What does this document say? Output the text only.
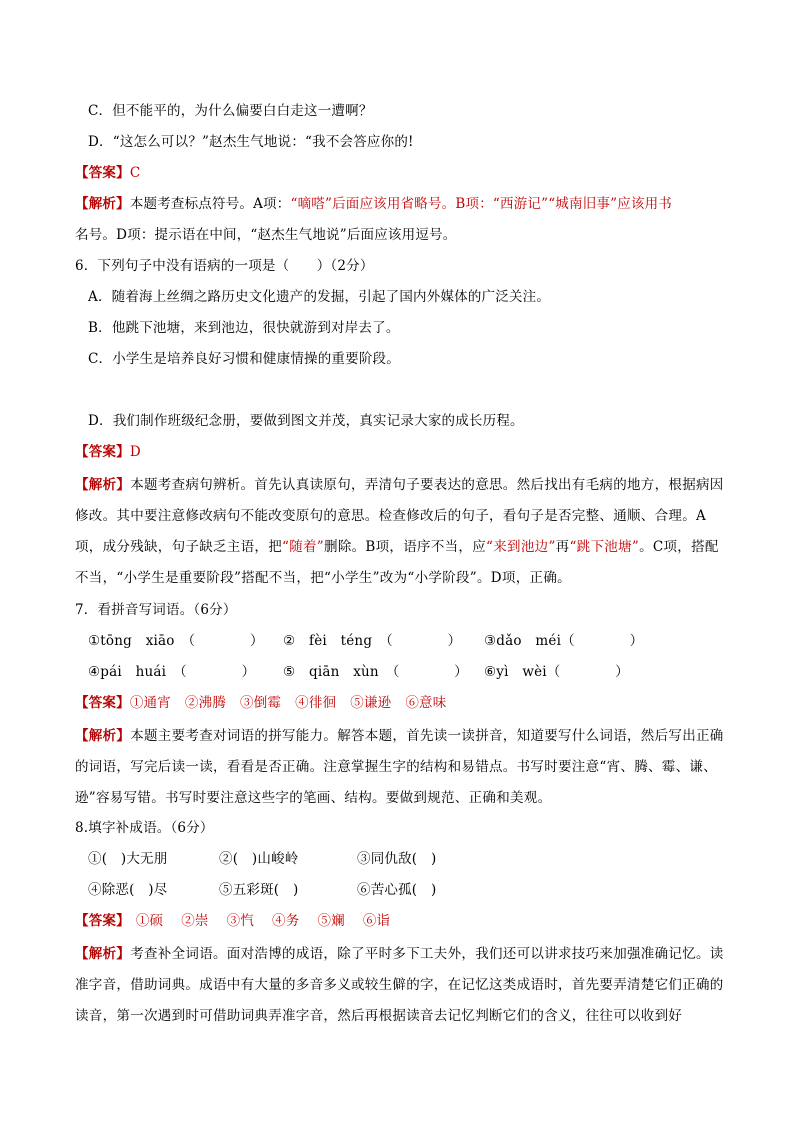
C．但不能平的，为什么偏要白白走这一遭啊？
D．“这怎么可以？”赵杰生气地说：“我不会答应你的!
【答案】C
【解析】本题考查标点符号。A项：“嘀嗒”后面应该用省略号。B项：“西游记”“城南旧事”应该用书
名号。D项：提示语在中间，“赵杰生气地说”后面应该用逗号。
6．下列句子中没有语病的一项是（　　）（2分）
A．随着海上丝绸之路历史文化遗产的发掘，引起了国内外媒体的广泛关注。
B．他跳下池塘，来到池边，很快就游到对岸去了。
C．小学生是培养良好习惯和健康情操的重要阶段。
D．我们制作班级纪念册，要做到图文并茂，真实记录大家的成长历程。
【答案】D
【解析】本题考查病句辨析。首先认真读原句，弄清句子要表达的意思。然后找出有毛病的地方，根据病因修改。其中要注意修改病句不能改变原句的意思。检查修改后的句子，看句子是否完整、通顺、合理。A项，成分残缺，句子缺乏主语，把“随着”删除。B项，语序不当，应“来到池边”再“跳下池塘”。C项，搭配不当，“小学生是重要阶段”搭配不当，把“小学生”改为“小学阶段”。D项，正确。
7．看拼音写词语。（6分）
①tōng　xiāo　（　　　　） ②　fèi　téng　（　　　　） ③dǎo　méi（　　　　）
④pái　huái　（　　　　） ⑤　qiān　xùn　（　　　　） ⑥yì　wèi（　　　　）
【答案】①通宵 ②沸腾 ③倒霉 ④徘徊 ⑤谦逊 ⑥意味
【解析】本题主要考查对词语的拼写能力。解答本题，首先读一读拼音，知道要写什么词语，然后写出正确的词语，写完后读一读，看看是否正确。注意掌握生字的结构和易错点。书写时要注意“宵、腾、霉、谦、逊”容易写错。书写时要注意这些字的笔画、结构。要做到规范、正确和美观。
8.填字补成语。（6分）
①(　)大无朋	②(　)山峻岭	③同仇敌(　)
④除恶(　)尽	⑤五彩斑(　)	⑥苦心孤(　)
【答案】 ①硕 ②崇 ③忾 ④务 ⑤斓 ⑥诣
【解析】考查补全词语。面对浩博的成语，除了平时多下工夫外，我们还可以讲求技巧来加强准确记忆。读准字音，借助词典。成语中有大量的多音多义或较生僻的字，在记忆这类成语时，首先要弄清楚它们正确的读音，第一次遇到时可借助词典弄准字音，然后再根据读音去记忆判断它们的含义，往往可以收到好
